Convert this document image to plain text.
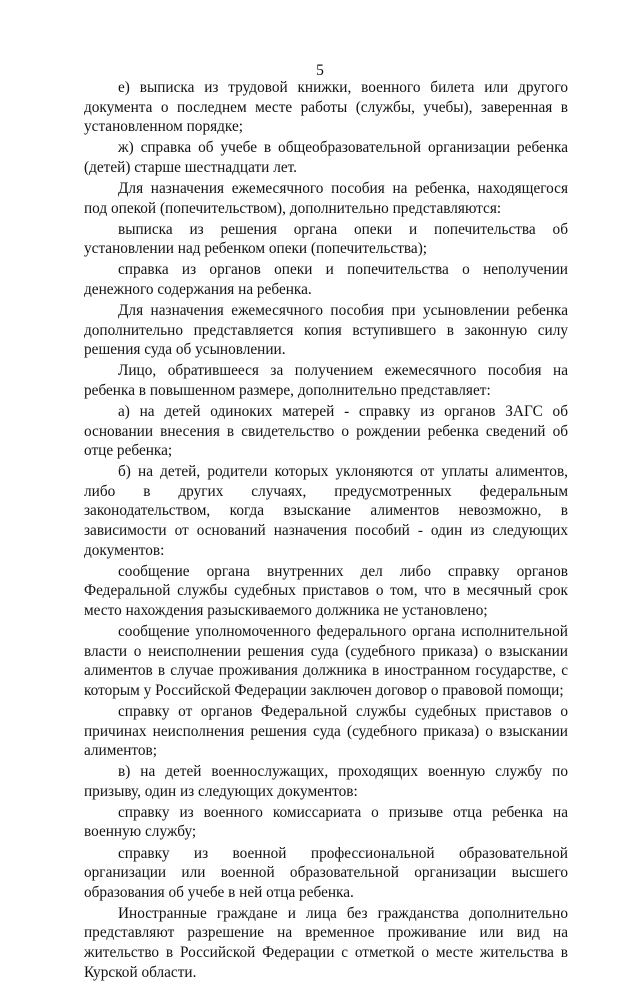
5

е) выписка из трудовой книжки, военного билета или другого документа о последнем месте работы (службы, учебы), заверенная в установленном порядке;

ж) справка об учебе в общеобразовательной организации ребенка (детей) старше шестнадцати лет.

Для назначения ежемесячного пособия на ребенка, находящегося под опекой (попечительством), дополнительно представляются:

выписка из решения органа опеки и попечительства об установлении над ребенком опеки (попечительства);

справка из органов опеки и попечительства о неполучении денежного содержания на ребенка.

Для назначения ежемесячного пособия при усыновлении ребенка дополнительно представляется копия вступившего в законную силу решения суда об усыновлении.

Лицо, обратившееся за получением ежемесячного пособия на ребенка в повышенном размере, дополнительно представляет:

а) на детей одиноких матерей - справку из органов ЗАГС об основании внесения в свидетельство о рождении ребенка сведений об отце ребенка;

б) на детей, родители которых уклоняются от уплаты алиментов, либо в других случаях, предусмотренных федеральным законодательством, когда взыскание алиментов невозможно, в зависимости от оснований назначения пособий - один из следующих документов:

сообщение органа внутренних дел либо справку органов Федеральной службы судебных приставов о том, что в месячный срок место нахождения разыскиваемого должника не установлено;

сообщение уполномоченного федерального органа исполнительной власти о неисполнении решения суда (судебного приказа) о взыскании алиментов в случае проживания должника в иностранном государстве, с которым у Российской Федерации заключен договор о правовой помощи;

справку от органов Федеральной службы судебных приставов о причинах неисполнения решения суда (судебного приказа) о взыскании алиментов;

в) на детей военнослужащих, проходящих военную службу по призыву, один из следующих документов:

справку из военного комиссариата о призыве отца ребенка на военную службу;

справку из военной профессиональной образовательной организации или военной образовательной организации высшего образования об учебе в ней отца ребенка.

Иностранные граждане и лица без гражданства дополнительно представляют разрешение на временное проживание или вид на жительство в Российской Федерации с отметкой о месте жительства в Курской области.
